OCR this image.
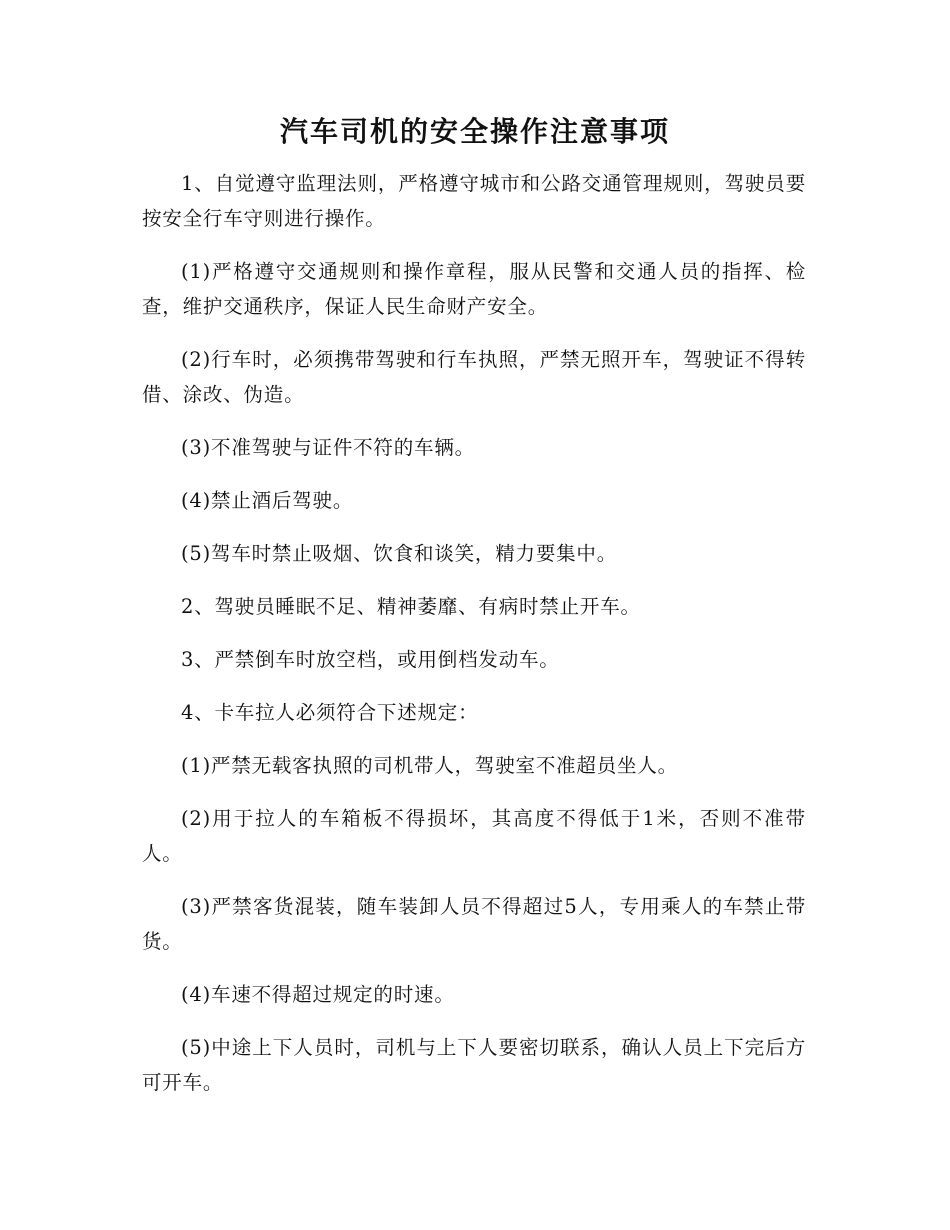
汽车司机的安全操作注意事项

1、自觉遵守监理法则，严格遵守城市和公路交通管理规则，驾驶员要按安全行车守则进行操作。

(1)严格遵守交通规则和操作章程，服从民警和交通人员的指挥、检查，维护交通秩序，保证人民生命财产安全。

(2)行车时，必须携带驾驶和行车执照，严禁无照开车，驾驶证不得转借、涂改、伪造。

(3)不准驾驶与证件不符的车辆。

(4)禁止酒后驾驶。

(5)驾车时禁止吸烟、饮食和谈笑，精力要集中。

2、驾驶员睡眠不足、精神萎靡、有病时禁止开车。

3、严禁倒车时放空档，或用倒档发动车。

4、卡车拉人必须符合下述规定：

(1)严禁无载客执照的司机带人，驾驶室不准超员坐人。

(2)用于拉人的车箱板不得损坏，其高度不得低于1米，否则不准带人。

(3)严禁客货混装，随车装卸人员不得超过5人，专用乘人的车禁止带货。

(4)车速不得超过规定的时速。

(5)中途上下人员时，司机与上下人要密切联系，确认人员上下完后方可开车。
